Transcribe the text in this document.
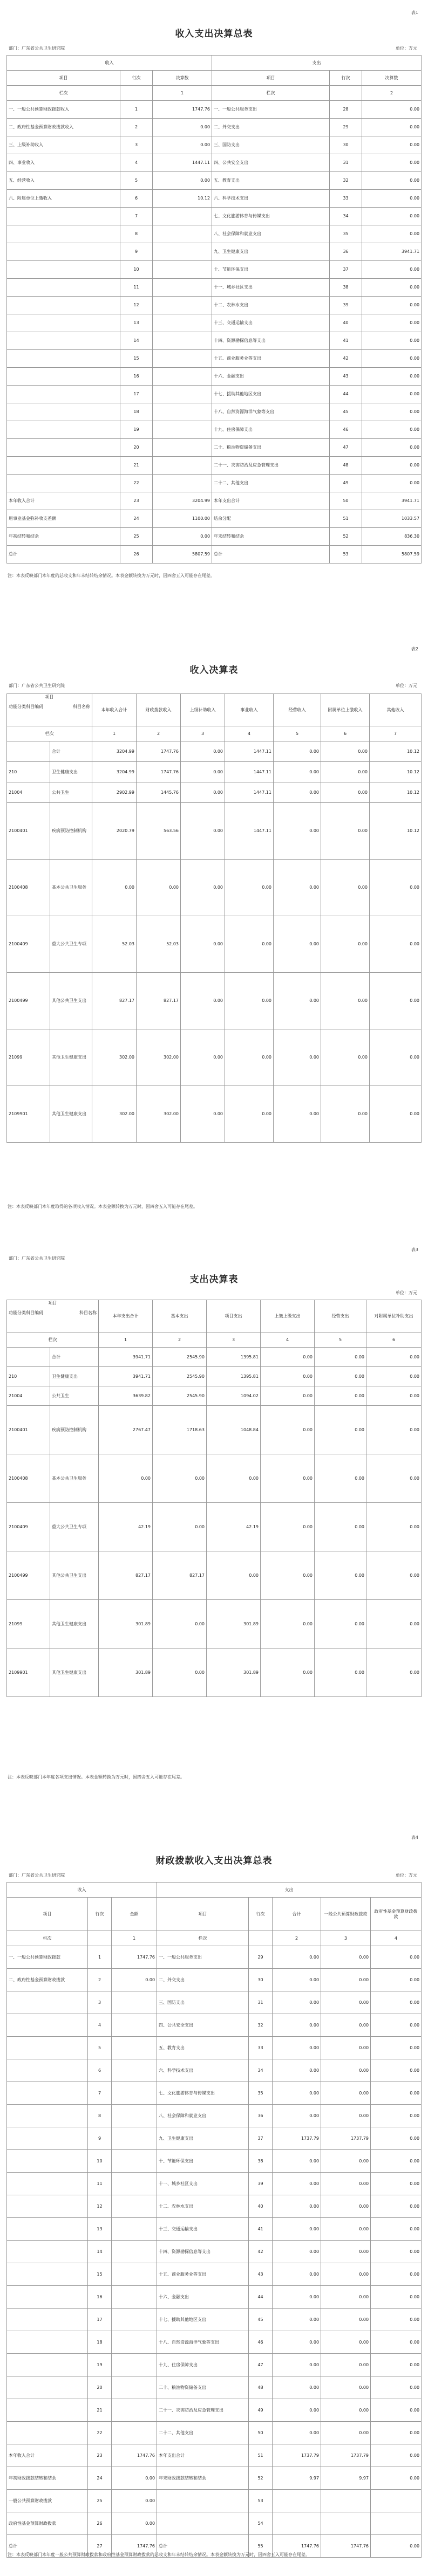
表1
收入支出决算总表
部门：广东省公共卫生研究院	单位：万元
收入			支出		
项目	行次	决算数	项目	行次	决算数
栏次		1	栏次		2
一、一般公共预算财政拨款收入	1	1747.76	一、一般公共服务支出	28	0.00
二、政府性基金预算财政拨款收入	2	0.00	二、外交支出	29	0.00
三、上级补助收入	3	0.00	三、国防支出	30	0.00
四、事业收入	4	1447.11	四、公共安全支出	31	0.00
五、经营收入	5	0.00	五、教育支出	32	0.00
六、附属单位上缴收入	6	10.12	六、科学技术支出	33	0.00
	7		七、文化旅游体育与传媒支出	34	0.00
	8		八、社会保障和就业支出	35	0.00
	9		九、卫生健康支出	36	3941.71
	10		十、节能环保支出	37	0.00
	11		十一、城乡社区支出	38	0.00
	12		十二、农林水支出	39	0.00
	13		十三、交通运输支出	40	0.00
	14		十四、资源勘探信息等支出	41	0.00
	15		十五、商业服务业等支出	42	0.00
	16		十六、金融支出	43	0.00
	17		十七、援助其他地区支出	44	0.00
	18		十八、自然资源海洋气象等支出	45	0.00
	19		十九、住房保障支出	46	0.00
	20		二十、粮油物资储备支出	47	0.00
	21		二十一、灾害防治及应急管理支出	48	0.00
	22		二十二、其他支出	49	0.00
本年收入合计	23	3204.99	本年支出合计	50	3941.71
用事业基金弥补收支差额	24	1100.00	结余分配	51	1033.57
年初结转和结余	25	0.00	年末结转和结余	52	836.30
总计	26	5807.59	总计	53	5807.59
注：本表反映部门本年度的总收支和年末结转结余情况。本表金额转换为万元时，因四舍五入可能存在尾差。
表2
收入决算表
部门：广东省公共卫生研究院	单位：万元
项目
功能分类科目编码 科目名称		本年收入合计	财政拨款收入	上级补助收入	事业收入	经营收入	附属单位上缴收入	其他收入
栏次		1	2	3	4	5	6	7
	合计	3204.99	1747.76	0.00	1447.11	0.00	0.00	10.12
210	卫生健康支出	3204.99	1747.76	0.00	1447.11	0.00	0.00	10.12
21004	公共卫生	2902.99	1445.76	0.00	1447.11	0.00	0.00	10.12
2100401	疾病预防控制机构	2020.79	563.56	0.00	1447.11	0.00	0.00	10.12
2100408	基本公共卫生服务	0.00	0.00	0.00	0.00	0.00	0.00	0.00
2100409	重大公共卫生专项	52.03	52.03	0.00	0.00	0.00	0.00	0.00
2100499	其他公共卫生支出	827.17	827.17	0.00	0.00	0.00	0.00	0.00
21099	其他卫生健康支出	302.00	302.00	0.00	0.00	0.00	0.00	0.00
2109901	其他卫生健康支出	302.00	302.00	0.00	0.00	0.00	0.00	0.00
注：本表反映部门本年度取得的各项收入情况。本表金额转换为万元时，因四舍五入可能存在尾差。
表3
部门：广东省公共卫生研究院
支出决算表
单位：万元
项目
功能分类科目编码 科目名称		本年支出合计	基本支出	项目支出	上缴上级支出	经营支出	对附属单位补助支出
栏次		1	2	3	4	5	6
	合计	3941.71	2545.90	1395.81	0.00	0.00	0.00
210	卫生健康支出	3941.71	2545.90	1395.81	0.00	0.00	0.00
21004	公共卫生	3639.82	2545.90	1094.02	0.00	0.00	0.00
2100401	疾病预防控制机构	2767.47	1718.63	1048.84	0.00	0.00	0.00
2100408	基本公共卫生服务	0.00	0.00	0.00	0.00	0.00	0.00
2100409	重大公共卫生专项	42.19	0.00	42.19	0.00	0.00	0.00
2100499	其他公共卫生支出	827.17	827.17	0.00	0.00	0.00	0.00
21099	其他卫生健康支出	301.89	0.00	301.89	0.00	0.00	0.00
2109901	其他卫生健康支出	301.89	0.00	301.89	0.00	0.00	0.00
注：本表反映部门本年度各项支出情况。本表金额转换为万元时，因四舍五入可能存在尾差。
表4
财政拨款收入支出决算总表
部门：广东省公共卫生研究院	单位：万元
收入			支出				
项目	行次	金额	项目	行次	合计	一般公共预算财政拨款	政府性基金预算财政拨款
栏次		1	栏次		2	3	4
一、一般公共预算财政拨款	1	1747.76	一、一般公共服务支出	29	0.00	0.00	0.00
二、政府性基金预算财政拨款	2	0.00	二、外交支出	30	0.00	0.00	0.00
	3		三、国防支出	31	0.00	0.00	0.00
	4		四、公共安全支出	32	0.00	0.00	0.00
	5		五、教育支出	33	0.00	0.00	0.00
	6		六、科学技术支出	34	0.00	0.00	0.00
	7		七、文化旅游体育与传媒支出	35	0.00	0.00	0.00
	8		八、社会保障和就业支出	36	0.00	0.00	0.00
	9		九、卫生健康支出	37	1737.79	1737.79	0.00
	10		十、节能环保支出	38	0.00	0.00	0.00
	11		十一、城乡社区支出	39	0.00	0.00	0.00
	12		十二、农林水支出	40	0.00	0.00	0.00
	13		十三、交通运输支出	41	0.00	0.00	0.00
	14		十四、资源勘探信息等支出	42	0.00	0.00	0.00
	15		十五、商业服务业等支出	43	0.00	0.00	0.00
	16		十六、金融支出	44	0.00	0.00	0.00
	17		十七、援助其他地区支出	45	0.00	0.00	0.00
	18		十八、自然资源海洋气象等支出	46	0.00	0.00	0.00
	19		十九、住房保障支出	47	0.00	0.00	0.00
	20		二十、粮油物资储备支出	48	0.00	0.00	0.00
	21		二十一、灾害防治及应急管理支出	49	0.00	0.00	0.00
	22		二十二、其他支出	50	0.00	0.00	0.00
本年收入合计	23	1747.76	本年支出合计	51	1737.79	1737.79	0.00
年初财政拨款结转和结余	24	0.00	年末财政拨款结转和结余	52	9.97	9.97	0.00
一般公共预算财政拨款	25	0.00		53			
政府性基金预算财政拨款	26	0.00		54			
总计	27	1747.76	总计	55	1747.76	1747.76	0.00
注：本表反映部门本年度一般公共预算财政拨款和政府性基金预算财政拨款的总收支和年末结转结余情况。本表金额转换为万元时，因四舍五入可能存在尾差。
